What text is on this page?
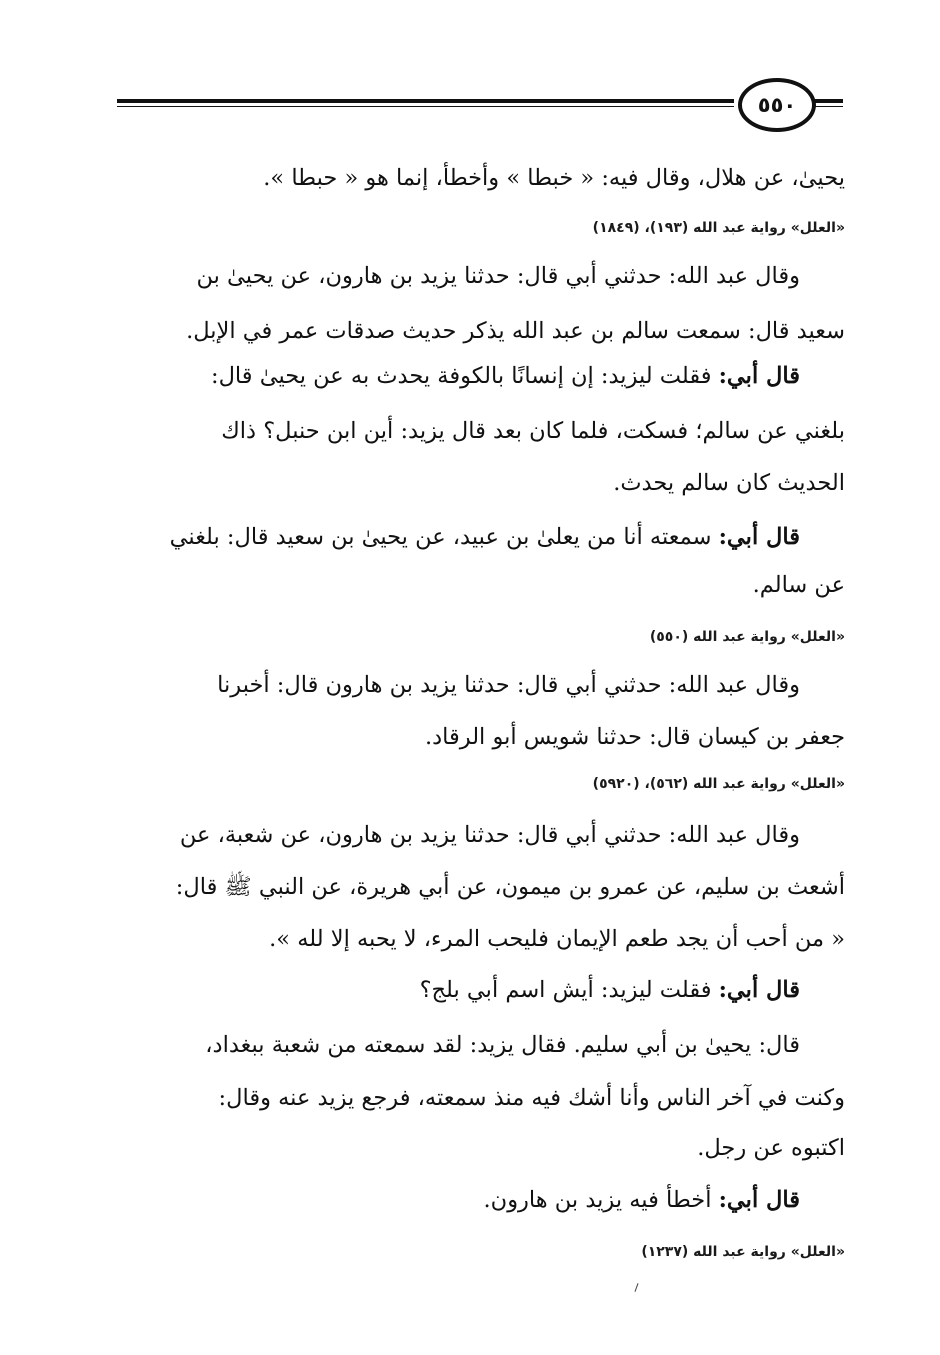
٥٥٠
يحيىٰ، عن هلال، وقال فيه: « خبطا » وأخطأ، إنما هو « حبطا ».
«العلل» رواية عبد الله (١٩٣)، (١٨٤٩)
وقال عبد الله: حدثني أبي قال: حدثنا يزيد بن هارون، عن يحيىٰ بن
سعيد قال: سمعت سالم بن عبد الله يذكر حديث صدقات عمر في الإبل.
قال أبي: فقلت ليزيد: إن إنسانًا بالكوفة يحدث به عن يحيىٰ قال:
بلغني عن سالم؛ فسكت، فلما كان بعد قال يزيد: أين ابن حنبل؟ ذاك
الحديث كان سالم يحدث.
قال أبي: سمعته أنا من يعلىٰ بن عبيد، عن يحيىٰ بن سعيد قال: بلغني
عن سالم.
«العلل» رواية عبد الله (٥٥٠)
وقال عبد الله: حدثني أبي قال: حدثنا يزيد بن هارون قال: أخبرنا
جعفر بن كيسان قال: حدثنا شويس أبو الرقاد.
«العلل» رواية عبد الله (٥٦٢)، (٥٩٢٠)
وقال عبد الله: حدثني أبي قال: حدثنا يزيد بن هارون، عن شعبة، عن
أشعث بن سليم، عن عمرو بن ميمون، عن أبي هريرة، عن النبي ﷺ قال:
« من أحب أن يجد طعم الإيمان فليحب المرء، لا يحبه إلا لله ».
قال أبي: فقلت ليزيد: أيش اسم أبي بلج؟
قال: يحيىٰ بن أبي سليم. فقال يزيد: لقد سمعته من شعبة ببغداد،
وكنت في آخر الناس وأنا أشك فيه منذ سمعته، فرجع يزيد عنه وقال:
اكتبوه عن رجل.
قال أبي: أخطأ فيه يزيد بن هارون.
«العلل» رواية عبد الله (١٢٣٧)
